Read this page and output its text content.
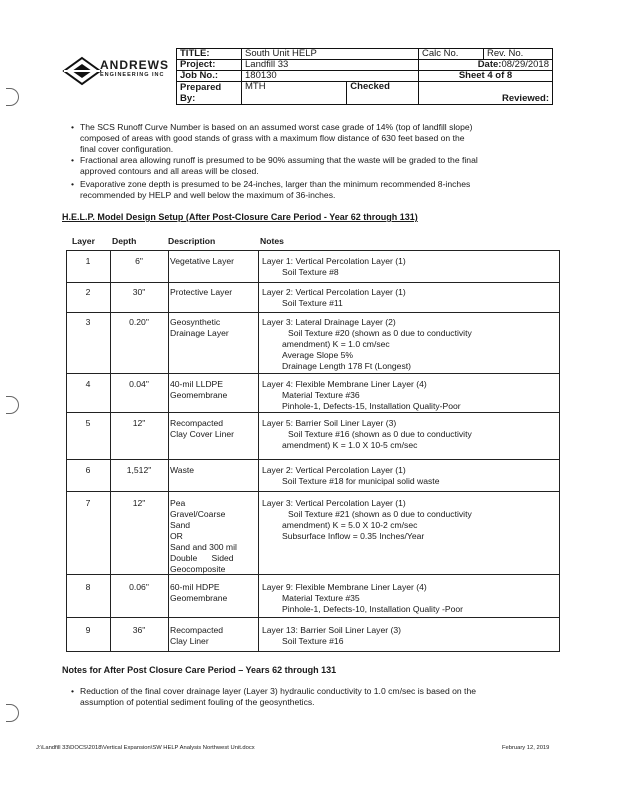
ANDREWS
ENGINEERING INC
TITLE:	South Unit HELP		Calc No.	Rev. No.
Project:	Landfill 33		Date:08/29/2018	
Job No.:	180130		Sheet 4 of 8	
Prepared By:	MTH	Checked	Reviewed:	
• The SCS Runoff Curve Number is based on an assumed worst case grade of 14% (top of landfill slope)
composed of areas with good stands of grass with a maximum flow distance of 630 feet based on the
final cover configuration.
• Fractional area allowing runoff is presumed to be 90% assuming that the waste will be graded to the final
approved contours and all areas will be closed.
• Evaporative zone depth is presumed to be 24-inches, larger than the minimum recommended 8-inches
recommended by HELP and well below the maximum of 36-inches.
H.E.L.P. Model Design Setup (After Post-Closure Care Period - Year 62 through 131)
Layer Depth	Description	Notes
1	6"	Vegetative Layer	Layer 1: Vertical Percolation Layer (1)
Soil Texture #8
2	30"	Protective Layer	Layer 2: Vertical Percolation Layer (1)
Soil Texture #11
3	0.20"	Geosynthetic
Drainage Layer
Layer 3: Lateral Drainage Layer (2)
Soil Texture #20 (shown as 0 due to conductivity
amendment) K = 1.0 cm/sec
Average Slope 5%
Drainage Length 178 Ft (Longest)
4	0.04"	40-mil LLDPE
Geomembrane
Layer 4: Flexible Membrane Liner Layer (4)
Material Texture #36
Pinhole-1, Defects-15, Installation Quality-Poor
5	12"	Recompacted
Clay Cover Liner
Layer 5: Barrier Soil Liner Layer (3)
Soil Texture #16 (shown as 0 due to conductivity
amendment) K = 1.0 X 10-5 cm/sec
6	1,512"	Waste	Layer 2: Vertical Percolation Layer (1)
Soil Texture #18 for municipal solid waste
7	12"	Pea
Gravel/Coarse
Sand
OR
Sand and 300 mil
Double      Sided
Geocomposite
Layer 3: Vertical Percolation Layer (1)
Soil Texture #21 (shown as 0 due to conductivity
amendment) K = 5.0 X 10-2 cm/sec
Subsurface Inflow = 0.35 Inches/Year
8	0.06"	60-mil HDPE
Geomembrane
Layer 9: Flexible Membrane Liner Layer (4)
Material Texture #35
Pinhole-1, Defects-10, Installation Quality -Poor
9	36"	Recompacted
Clay Liner
Layer 13: Barrier Soil Liner Layer (3)
Soil Texture #16
Notes for After Post Closure Care Period – Years 62 through 131
• Reduction of the final cover drainage layer (Layer 3) hydraulic conductivity to 1.0 cm/sec is based on the
assumption of potential sediment fouling of the geosynthetics.
J:\Landfill 33\DOCS\2018\Vertical Expansion\SW HELP Analysis Northwest Unit.docx	February 12, 2019
